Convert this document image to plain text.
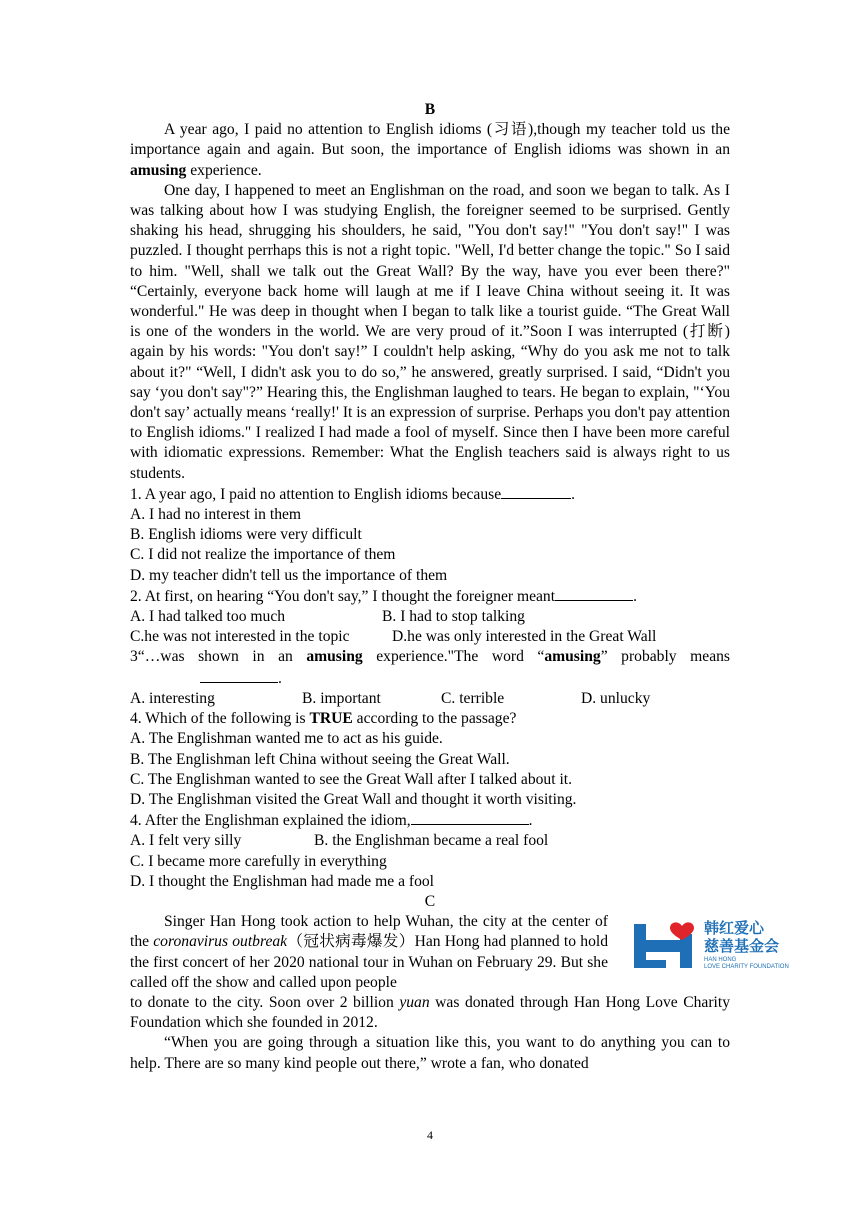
B

A year ago, I paid no attention to English idioms (习语),though my teacher told us the importance again and again. But soon, the importance of English idioms was shown in an amusing experience.

One day, I happened to meet an Englishman on the road, and soon we began to talk. As I was talking about how I was studying English, the foreigner seemed to be surprised. Gently shaking his head, shrugging his shoulders, he said, "You don't say!" "You don't say!" I was puzzled. I thought perrhaps this is not a right topic. "Well, I'd better change the topic." So I said to him. "Well, shall we talk out the Great Wall? By the way, have you ever been there?" “Certainly, everyone back home will laugh at me if I leave China without seeing it. It was wonderful." He was deep in thought when I began to talk like a tourist guide. “The Great Wall is one of the wonders in the world. We are very proud of it.”Soon I was interrupted (打断) again by his words: "You don't say!” I couldn't help asking, “Why do you ask me not to talk about it?" “Well, I didn't ask you to do so,” he answered, greatly surprised. I said, “Didn't you say ‘you don't say"?” Hearing this, the Englishman laughed to tears. He began to explain, "‘You don't say’ actually means ‘really!' It is an expression of surprise. Perhaps you don't pay attention to English idioms." I realized I had made a fool of myself. Since then I have been more careful with idiomatic expressions. Remember: What the English teachers said is always right to us students.

1. A year ago, I paid no attention to English idioms because	.
A. I had no interest in them
B. English idioms were very difficult
C. I did not realize the importance of them
D. my teacher didn't tell us the importance of them
2. At first, on hearing “You don't say,” I thought the foreigner meant	.
A. I had talked too much	B. I had to stop talking
C.he was not interested in the topic	D.he was only interested in the Great Wall
3“…was shown in an amusing experience."The word “amusing” probably means
.
A. interesting	B. important	C. terrible	D. unlucky
4. Which of the following is TRUE according to the passage?
A. The Englishman wanted me to act as his guide.
B. The Englishman left China without seeing the Great Wall.
C. The Englishman wanted to see the Great Wall after I talked about it.
D. The Englishman visited the Great Wall and thought it worth visiting.
4. After the Englishman explained the idiom,	.
A. I felt very silly	B. the Englishman became a real fool
C. I became more carefully in everything
D. I thought the Englishman had made me a fool
C
Singer Han Hong took action to help Wuhan, the city at the center of the coronavirus outbreak（冠状病毒爆发）Han Hong had planned to hold the first concert of her 2020 national tour in Wuhan on February 29. But she called off the show and called upon people
to donate to the city. Soon over 2 billion yuan was donated through Han Hong Love Charity Foundation which she founded in 2012.

“When you are going through a situation like this, you want to do anything you can to help. There are so many kind people out there,” wrote a fan, who donated

韩红爱心
慈善基金会
HAN HONG
LOVE CHARITY FOUNDATION
4
